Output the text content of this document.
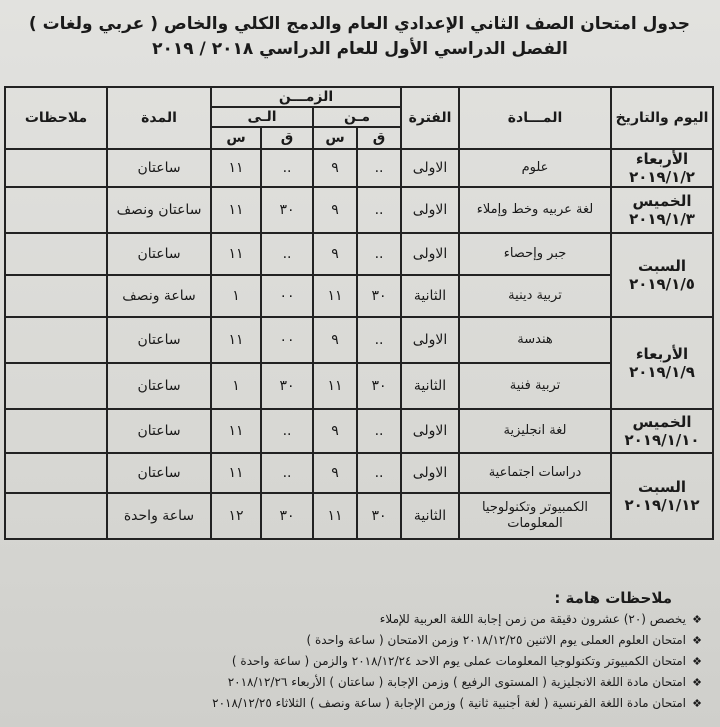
جدول امتحان الصف الثاني الإعدادي العام والدمج الكلي والخاص ( عربي ولغات )
الفصل الدراسي الأول للعام الدراسي ٢٠١٨ / ٢٠١٩
اليوم والتاريخ	المـــادة	الفترة	الزمـــن				المدة	ملاحظات
			مـن		الـى			
			ق	س	ق	س		

الأربعاء
٢٠١٩/١/٢	علوم	الاولى	..	٩	..	١١	ساعتان	

الخميس
٢٠١٩/١/٣	لغة عربيه وخط وإملاء	الاولى	..	٩	٣٠	١١	ساعتان ونصف	

السبت
٢٠١٩/١/٥	جبر وإحصاء	الاولى	..	٩	..	١١	ساعتان	
	تربية دينية	الثانية	٣٠	١١	٠٠	١	ساعة ونصف	

الأربعاء
٢٠١٩/١/٩	هندسة	الاولى	..	٩	٠٠	١١	ساعتان	
	تربية فنية	الثانية	٣٠	١١	٣٠	١	ساعتان	

الخميس
٢٠١٩/١/١٠	لغة انجليزية	الاولى	..	٩	..	١١	ساعتان	

السبت
٢٠١٩/١/١٢	دراسات اجتماعية	الاولى	..	٩	..	١١	ساعتان	
	الكمبيوتر وتكنولوجيا المعلومات	الثانية	٣٠	١١	٣٠	١٢	ساعة واحدة	
ملاحظات هامة :
❖يخصص (٢٠) عشرون دقيقة من زمن إجابة اللغة العربية للإملاء
❖امتحان العلوم العملى يوم الاثنين ٢٠١٨/١٢/٢٥ وزمن الامتحان ( ساعة واحدة )
❖امتحان الكمبيوتر وتكنولوجيا المعلومات عملى يوم الاحد ٢٠١٨/١٢/٢٤ والزمن ( ساعة واحدة )
❖امتحان مادة اللغة الانجليزية ( المستوى الرفيع ) وزمن الإجابة ( ساعتان ) الأربعاء ٢٠١٨/١٢/٢٦
❖امتحان مادة اللغة الفرنسية ( لغة أجنبية ثانية ) وزمن الإجابة ( ساعة ونصف ) الثلاثاء ٢٠١٨/١٢/٢٥
